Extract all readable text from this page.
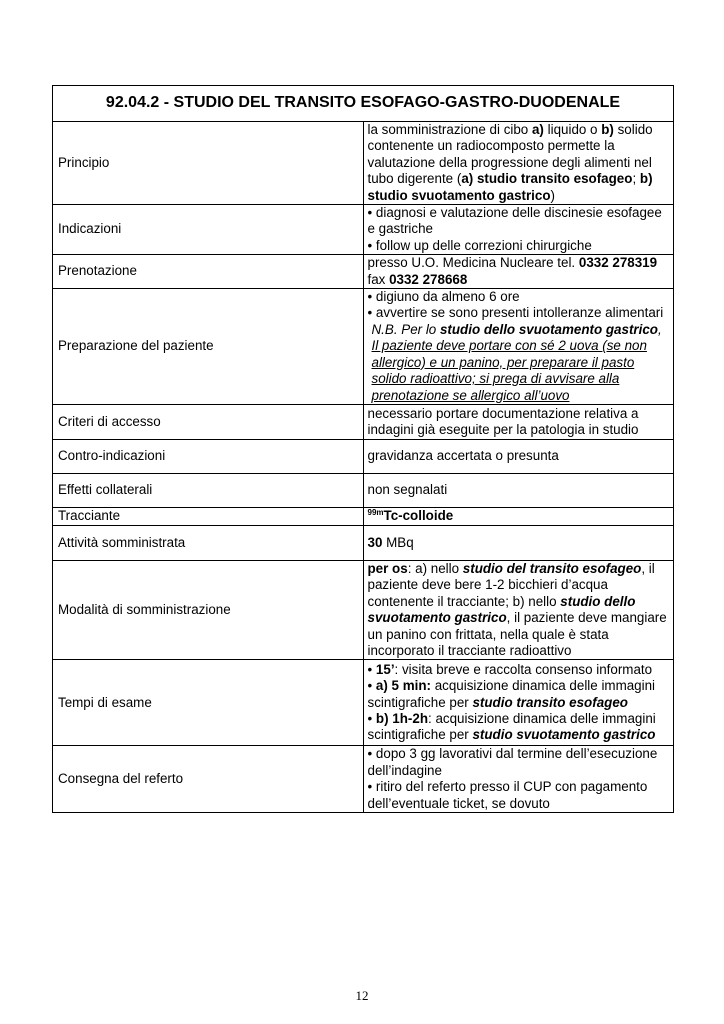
92.04.2 - STUDIO DEL TRANSITO ESOFAGO-GASTRO-DUODENALE	
Principio	la somministrazione di cibo a) liquido o b) solido contenente un radiocomposto permette la valutazione della progressione degli alimenti nel tubo digerente (a) studio transito esofageo; b) studio svuotamento gastrico)
Indicazioni	• diagnosi e valutazione delle discinesie esofagee e gastriche
• follow up delle correzioni chirurgiche

Prenotazione	presso U.O. Medicina Nucleare tel. 0332 278319 fax 0332 278668
Preparazione del paziente	• digiuno da almeno 6 ore
• avvertire se sono presenti intolleranze alimentari
N.B. Per lo studio dello svuotamento gastrico, Il paziente deve portare con sé 2 uova (se non allergico) e un panino, per preparare il pasto solido radioattivo; si prega di avvisare alla prenotazione se allergico all’uovo

Criteri di accesso	necessario portare documentazione relativa a indagini già eseguite per la patologia in studio
Contro-indicazioni	gravidanza accertata o presunta
Effetti collaterali	non segnalati
Tracciante	$^{99m}$Tc-colloide
Attività somministrata	30 MBq
Modalità di somministrazione	per os: a) nello studio del transito esofageo, il paziente deve bere 1-2 bicchieri d’acqua contenente il tracciante; b) nello studio dello svuotamento gastrico, il paziente deve mangiare un panino con frittata, nella quale è stata incorporato il tracciante radioattivo
Tempi di esame	• 15’: visita breve e raccolta consenso informato
• a) 5 min: acquisizione dinamica delle immagini scintigrafiche per studio transito esofageo
• b) 1h-2h: acquisizione dinamica delle immagini scintigrafiche per studio svuotamento gastrico

Consegna del referto	• dopo 3 gg lavorativi dal termine dell’esecuzione dell’indagine
• ritiro del referto presso il CUP con pagamento dell’eventuale ticket, se dovuto
12
